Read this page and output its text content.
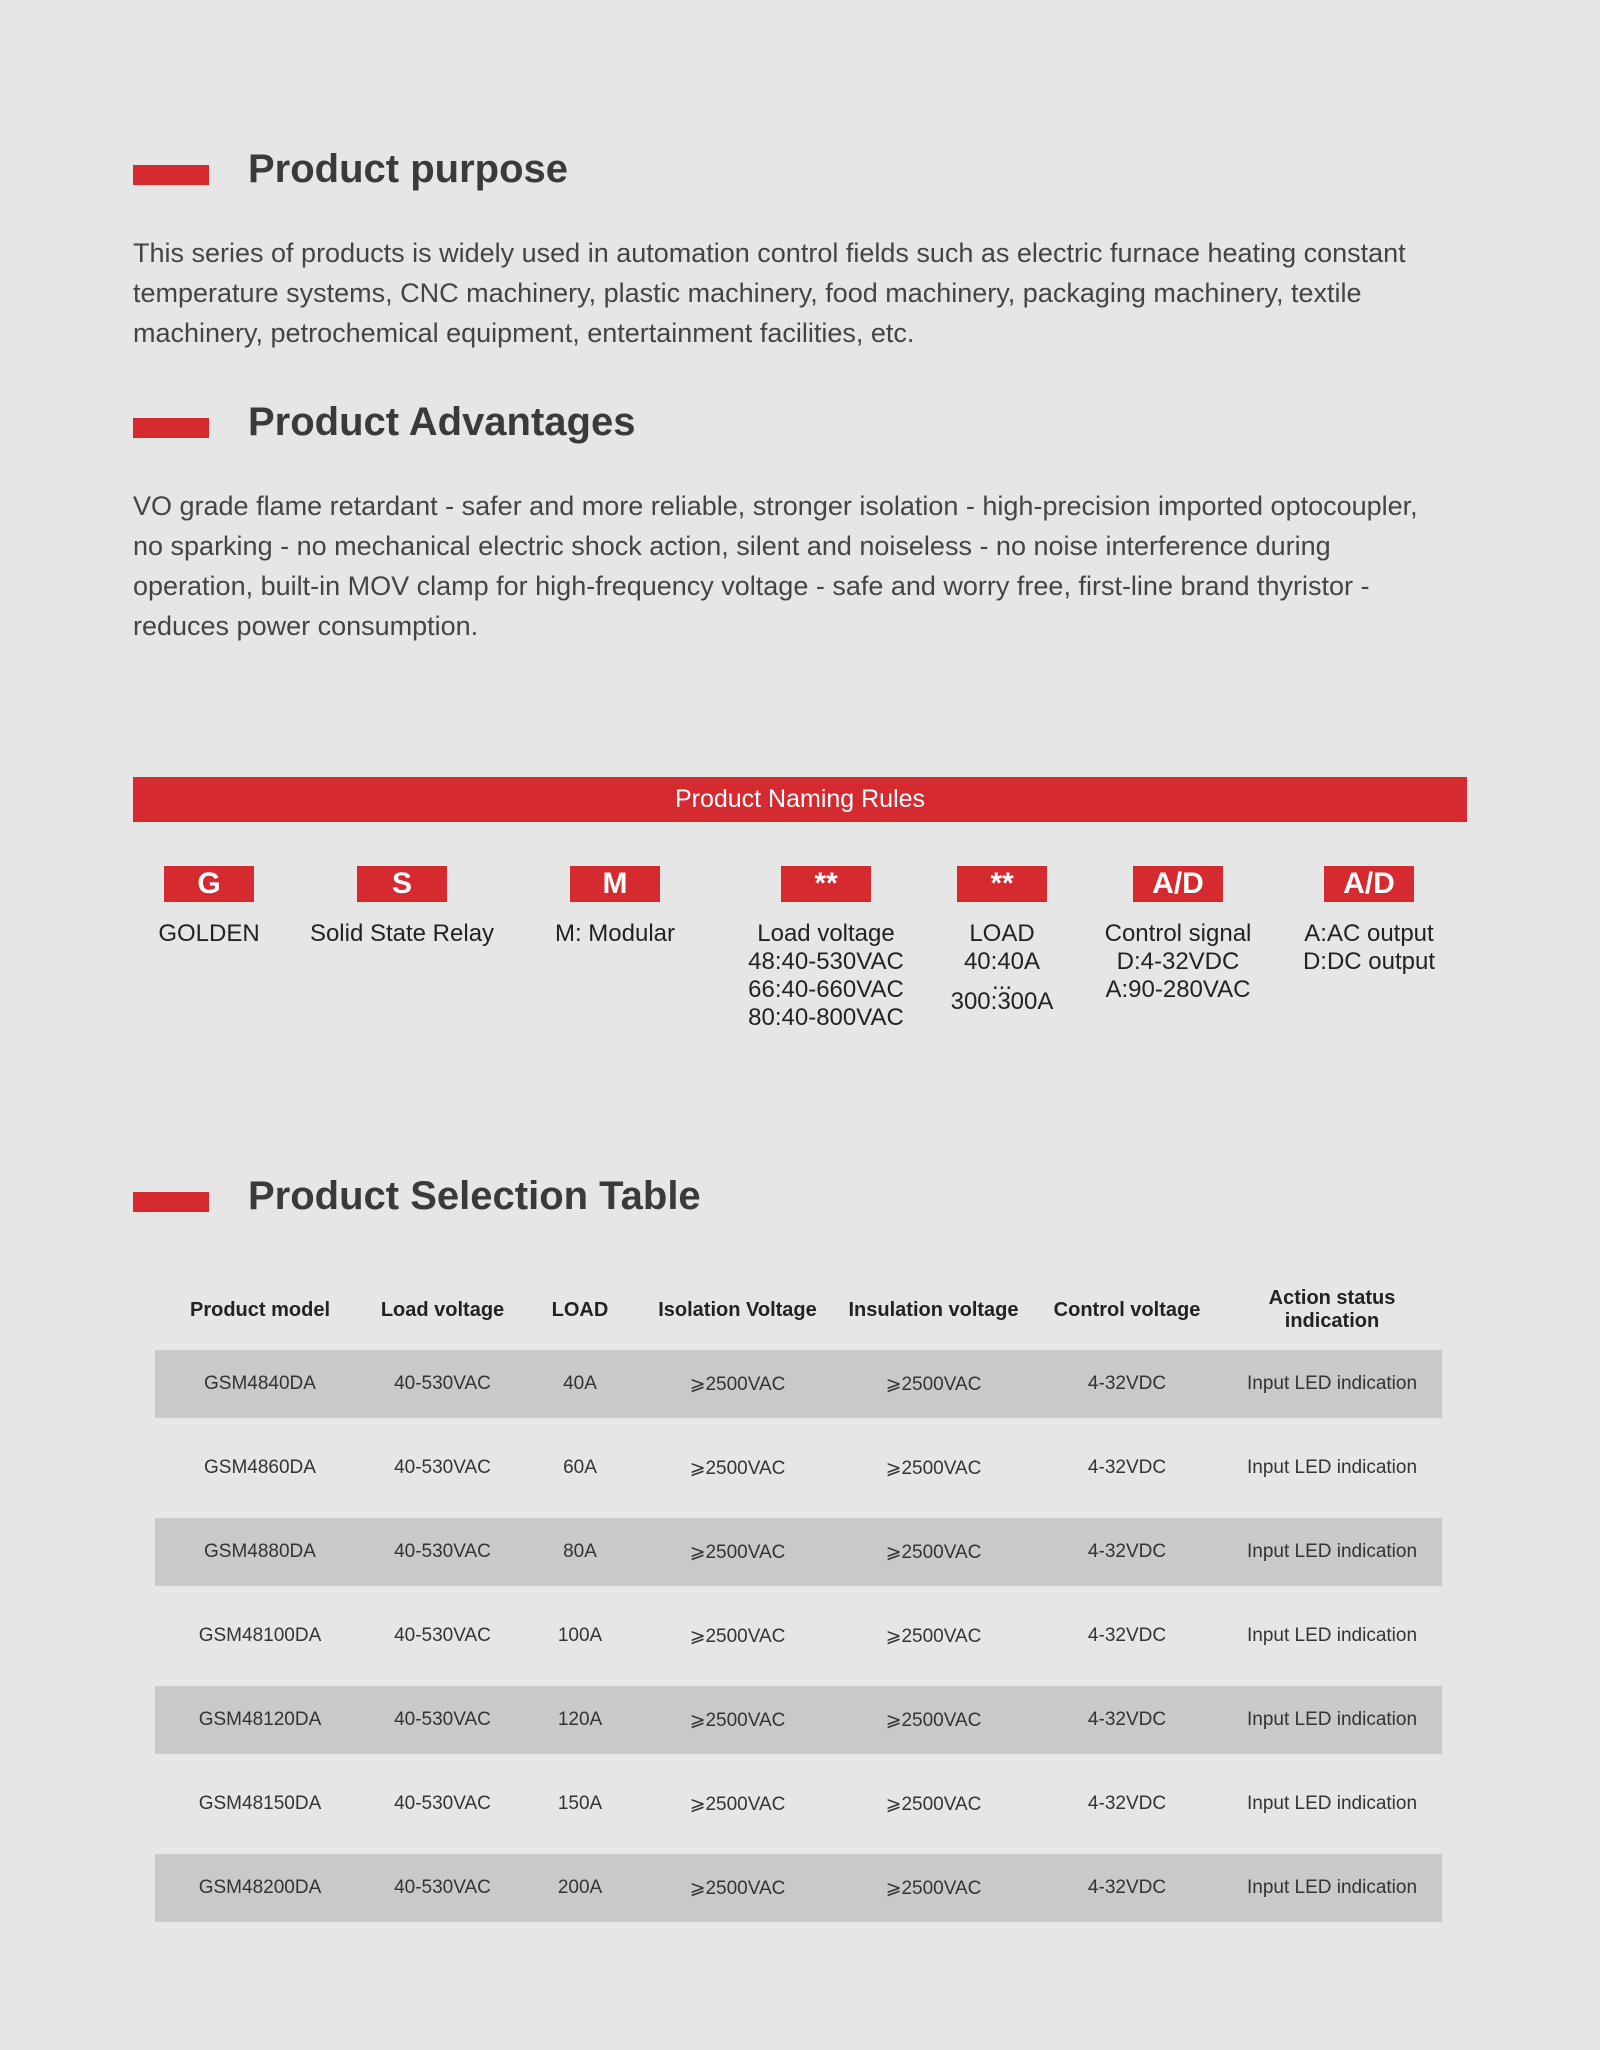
Product purpose
This series of products is widely used in automation control fields such as electric furnace heating constant temperature systems, CNC machinery, plastic machinery, food machinery, packaging machinery, textile machinery, petrochemical equipment, entertainment facilities, etc.
Product Advantages
VO grade flame retardant - safer and more reliable, stronger isolation - high-precision imported optocoupler, no sparking - no mechanical electric shock action, silent and noiseless - no noise interference during operation, built-in MOV clamp for high-frequency voltage - safe and worry free, first-line brand thyristor - reduces power consumption.
Product Naming Rules
G
GOLDEN
S
Solid State Relay
M
M: Modular
**
Load voltage
48:40-530VAC
66:40-660VAC
80:40-800VAC
**
LOAD
40:40A
...
300:300A
A/D
Control signal
D:4-32VDC
A:90-280VAC
A/D
A:AC output
D:DC output
Product Selection Table
Product model	Load voltage	LOAD	Isolation Voltage	Insulation voltage	Control voltage	Action status indication
GSM4840DA	40-530VAC	40A	⩾2500VAC	⩾2500VAC	4-32VDC	Input LED indication
GSM4860DA	40-530VAC	60A	⩾2500VAC	⩾2500VAC	4-32VDC	Input LED indication
GSM4880DA	40-530VAC	80A	⩾2500VAC	⩾2500VAC	4-32VDC	Input LED indication
GSM48100DA	40-530VAC	100A	⩾2500VAC	⩾2500VAC	4-32VDC	Input LED indication
GSM48120DA	40-530VAC	120A	⩾2500VAC	⩾2500VAC	4-32VDC	Input LED indication
GSM48150DA	40-530VAC	150A	⩾2500VAC	⩾2500VAC	4-32VDC	Input LED indication
GSM48200DA	40-530VAC	200A	⩾2500VAC	⩾2500VAC	4-32VDC	Input LED indication
